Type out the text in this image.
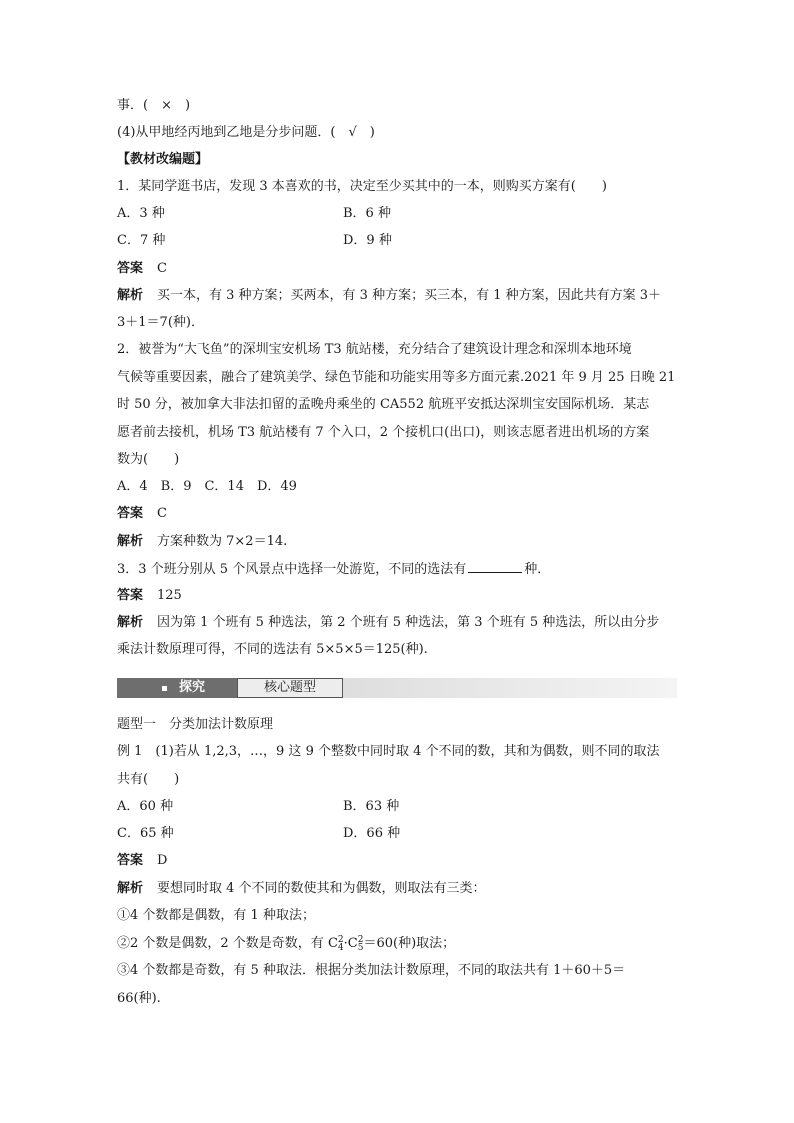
事．(　×　)
(4)从甲地经丙地到乙地是分步问题．(　√　)
【教材改编题】
1．某同学逛书店，发现 3 本喜欢的书，决定至少买其中的一本，则购买方案有(　　)
A．3 种	B．6 种
C．7 种	D．9 种
答案 C
解析 买一本，有 3 种方案；买两本，有 3 种方案；买三本，有 1 种方案，因此共有方案 3＋
3＋1＝7(种)．
2．被誉为“大飞鱼”的深圳宝安机场 T3 航站楼，充分结合了建筑设计理念和深圳本地环境
气候等重要因素，融合了建筑美学、绿色节能和功能实用等多方面元素.2021 年 9 月 25 日晚 21
时 50 分，被加拿大非法扣留的孟晚舟乘坐的 CA552 航班平安抵达深圳宝安国际机场．某志
愿者前去接机，机场 T3 航站楼有 7 个入口，2 个接机口(出口)，则该志愿者进出机场的方案
数为(　　)
A．4　B．9　C．14　D．49
答案 C
解析 方案种数为 7×2＝14.
3．3 个班分别从 5 个风景点中选择一处游览，不同的选法有	种．
答案 125
解析 因为第 1 个班有 5 种选法，第 2 个班有 5 种选法，第 3 个班有 5 种选法，所以由分步
乘法计数原理可得，不同的选法有 5×5×5＝125(种).
探究	核心题型
题型一　分类加法计数原理
例 1　(1)若从 1,2,3，…，9 这 9 个整数中同时取 4 个不同的数，其和为偶数，则不同的取法
共有(　　)
A．60 种	B．63 种
C．65 种	D．66 种
答案 D
解析 要想同时取 4 个不同的数使其和为偶数，则取法有三类：
①4 个数都是偶数，有 1 种取法；
②2 个数是偶数，2 个数是奇数，有 C 2
4 ·C 2
5 ＝60(种)取法；
③4 个数都是奇数，有 5 种取法．根据分类加法计数原理，不同的取法共有 1＋60＋5＝
66(种).
